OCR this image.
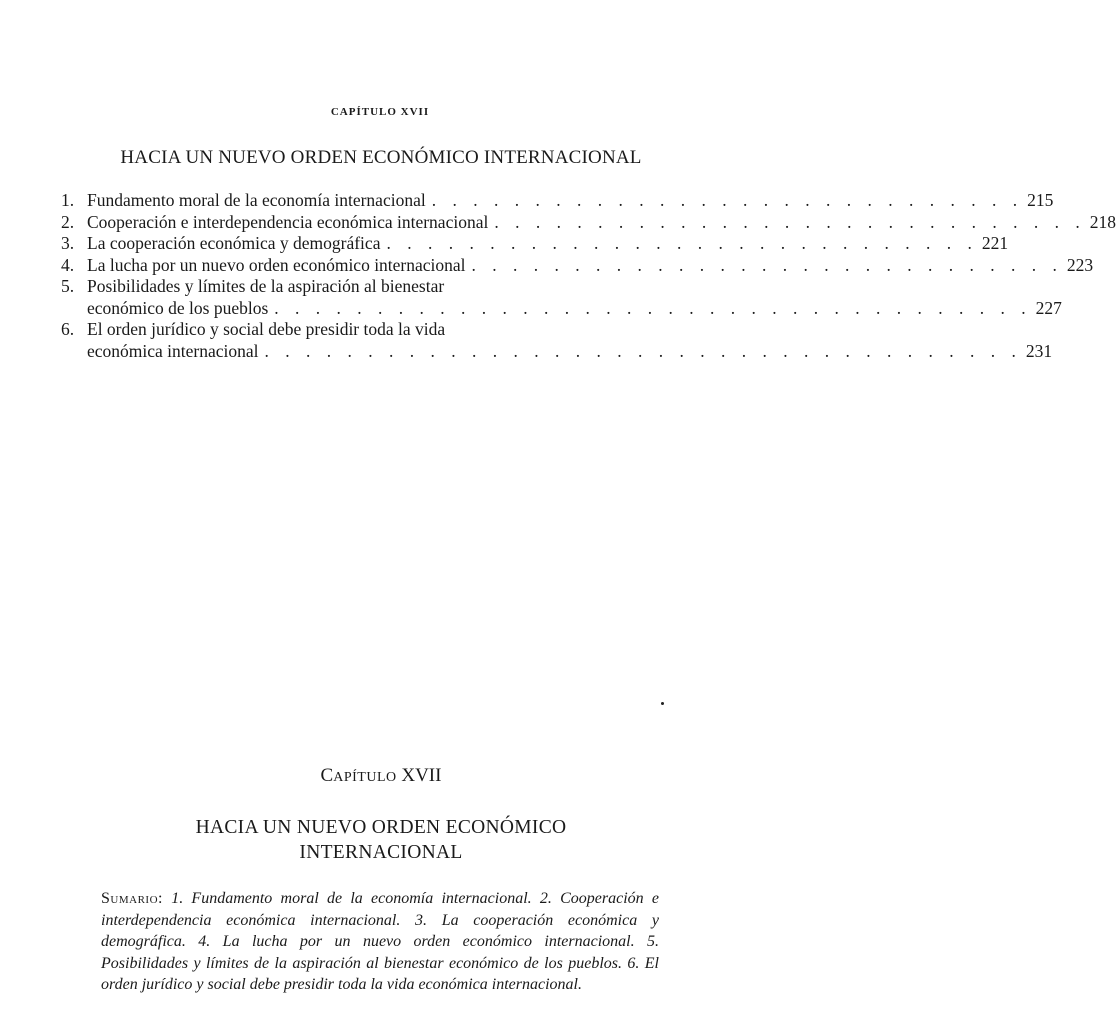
CAPÍTULO XVII
HACIA UN NUEVO ORDEN ECONÓMICO INTERNACIONAL
1. Fundamento moral de la economía internacional . . . . . . . . . . . . . . . . . . . . . . . . . . . . . 215
2. Cooperación e interdependencia económica internacional . . . . . . . . . . . . . . . . . . . . . . . . . . . . . 218
3. La cooperación económica y demográfica . . . . . . . . . . . . . . . . . . . . . . . . . . . . . 221
4. La lucha por un nuevo orden económico internacional . . . . . . . . . . . . . . . . . . . . . . . . . . . . . 223
5. Posibilidades y límites de la aspiración al bienestar
económico de los pueblos . . . . . . . . . . . . . . . . . . . . . . . . . . . . . . . . . . . . . 227
6. El orden jurídico y social debe presidir toda la vida
económica internacional . . . . . . . . . . . . . . . . . . . . . . . . . . . . . . . . . . . . . 231
CAPÍTULO XVII
HACIA UN NUEVO ORDEN ECONÓMICO
INTERNACIONAL
Sumario: 1. Fundamento moral de la economía internacional. 2. Cooperación e interdependencia económica internacional. 3. La cooperación económica y demográfica. 4. La lucha por un nuevo orden económico internacional. 5. Posibilidades y límites de la aspiración al bienestar económico de los pueblos. 6. El orden jurídico y social debe presidir toda la vida económica internacional.
